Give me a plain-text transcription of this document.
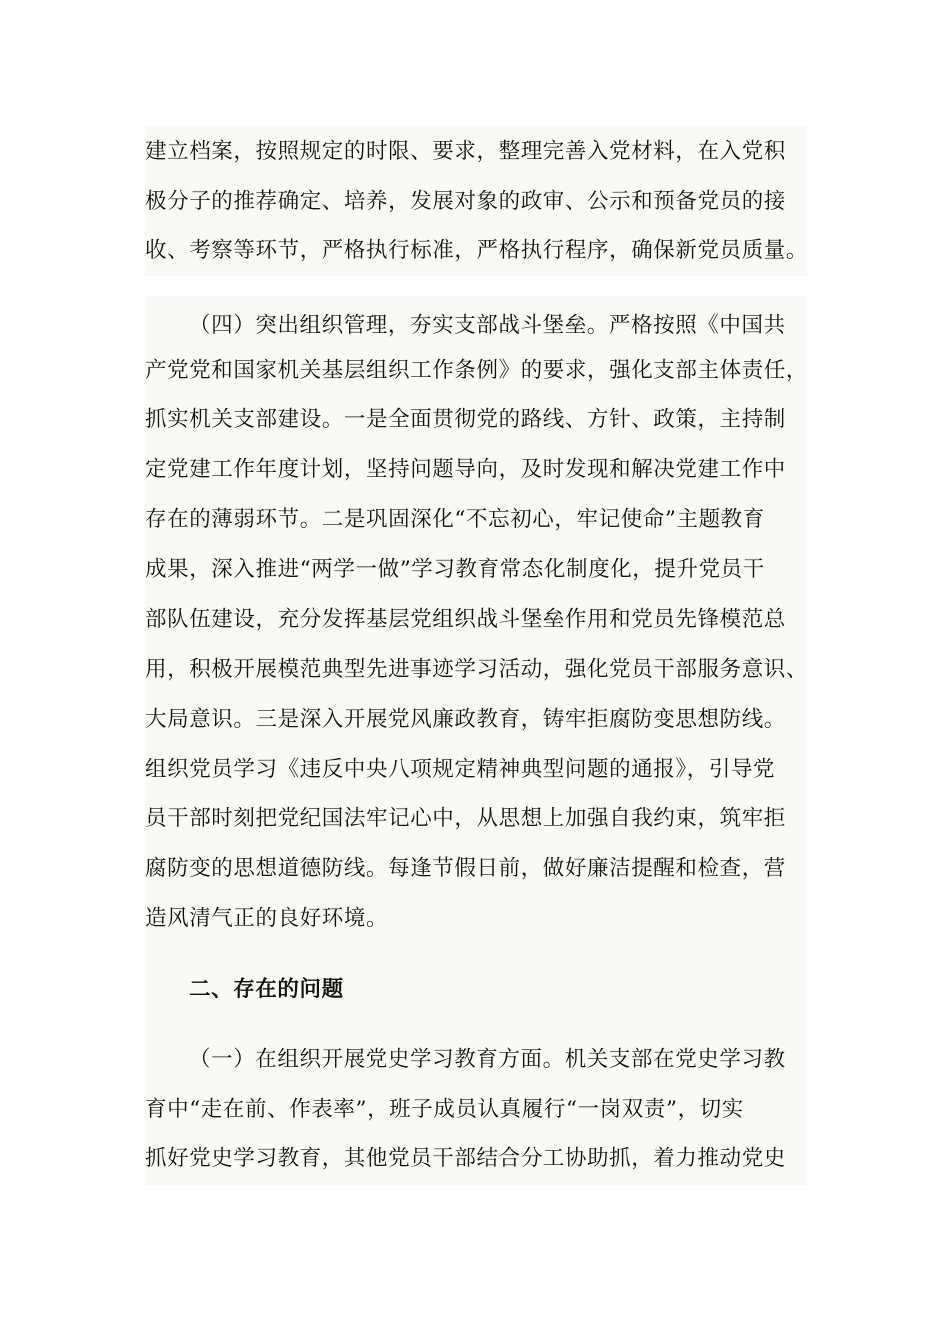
建立档案，按照规定的时限、要求，整理完善入党材料，在入党积
极分子的推荐确定、培养，发展对象的政审、公示和预备党员的接
收、考察等环节，严格执行标准，严格执行程序，确保新党员质量。
（四）突出组织管理，夯实支部战斗堡垒。严格按照《中国共
产党党和国家机关基层组织工作条例》的要求，强化支部主体责任，
抓实机关支部建设。一是全面贯彻党的路线、方针、政策，主持制
定党建工作年度计划，坚持问题导向，及时发现和解决党建工作中
存在的薄弱环节。二是巩固深化“不忘初心，牢记使命”主题教育
成果，深入推进“两学一做”学习教育常态化制度化，提升党员干
部队伍建设，充分发挥基层党组织战斗堡垒作用和党员先锋模范总
用，积极开展模范典型先进事迹学习活动，强化党员干部服务意识、
大局意识。三是深入开展党风廉政教育，铸牢拒腐防变思想防线。
组织党员学习《违反中央八项规定精神典型问题的通报》，引导党
员干部时刻把党纪国法牢记心中，从思想上加强自我约束，筑牢拒
腐防变的思想道德防线。每逢节假日前，做好廉洁提醒和检查，营
造风清气正的良好环境。
二、存在的问题
（一）在组织开展党史学习教育方面。机关支部在党史学习教
育中“走在前、作表率”，班子成员认真履行“一岗双责”，切实
抓好党史学习教育，其他党员干部结合分工协助抓，着力推动党史
